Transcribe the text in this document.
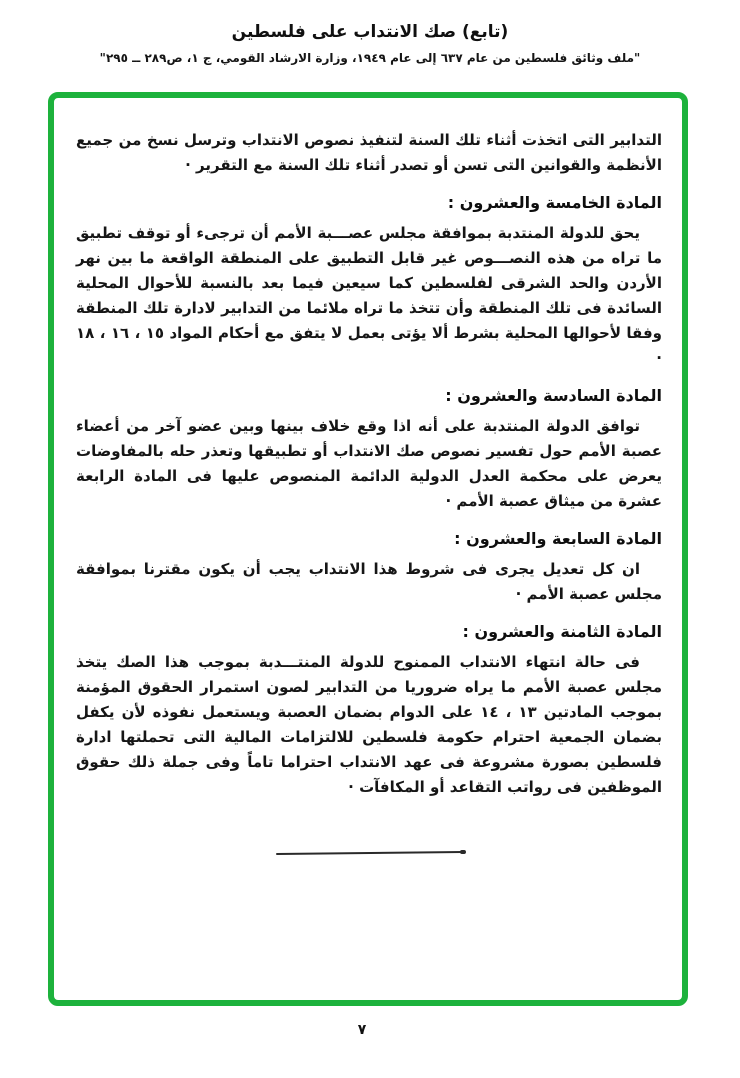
(تابع) صك الانتداب على فلسطين
"ملف وثائق فلسطين من عام ٦٣٧ إلى عام ١٩٤٩، وزارة الارشاد القومي، ج ١، ص٢٨٩ ــ ٢٩٥"

التدابير التى اتخذت أثناء تلك السنة لتنفيذ نصوص الانتداب وترسل نسخ من جميع الأنظمة والقوانين التى تسن أو تصدر أثناء تلك السنة مع التقرير ·

المادة الخامسة والعشرون :

يحق للدولة المنتدبة بموافقة مجلس عصـــبة الأمم أن ترجىء أو توقف تطبيق ما تراه من هذه النصـــوص غير قابل التطبيق على المنطقة الواقعة ما بين نهر الأردن والحد الشرقى لفلسطين كما سيعين فيما بعد بالنسبة للأحوال المحلية السائدة فى تلك المنطقة وأن تتخذ ما تراه ملائما من التدابير لادارة تلك المنطقة وفقا لأحوالها المحلية بشرط ألا يؤتى بعمل لا يتفق مع أحكام المواد ١٥ ، ١٦ ، ١٨ ·

المادة السادسة والعشرون :

توافق الدولة المنتدبة على أنه اذا وقع خلاف بينها وبين عضو آخر من أعضاء عصبة الأمم حول تفسير نصوص صك الانتداب أو تطبيقها وتعذر حله بالمفاوضات يعرض على محكمة العدل الدولية الدائمة المنصوص عليها فى المادة الرابعة عشرة من ميثاق عصبة الأمم ·

المادة السابعة والعشرون :

ان كل تعديل يجرى فى شروط هذا الانتداب يجب أن يكون مقترنا بموافقة مجلس عصبة الأمم ·

المادة الثامنة والعشرون :

فى حالة انتهاء الانتداب الممنوح للدولة المنتـــدبة بموجب هذا الصك يتخذ مجلس عصبة الأمم ما يراه ضروريا من التدابير لصون استمرار الحقوق المؤمنة بموجب المادتين ١٣ ، ١٤ على الدوام بضمان العصبة ويستعمل نفوذه لأن يكفل بضمان الجمعية احترام حكومة فلسطين للالتزامات المالية التى تحملتها ادارة فلسطين بصورة مشروعة فى عهد الانتداب احتراما تاماً وفى جملة ذلك حقوق الموظفين فى رواتب التقاعد أو المكافآت ·

٧
